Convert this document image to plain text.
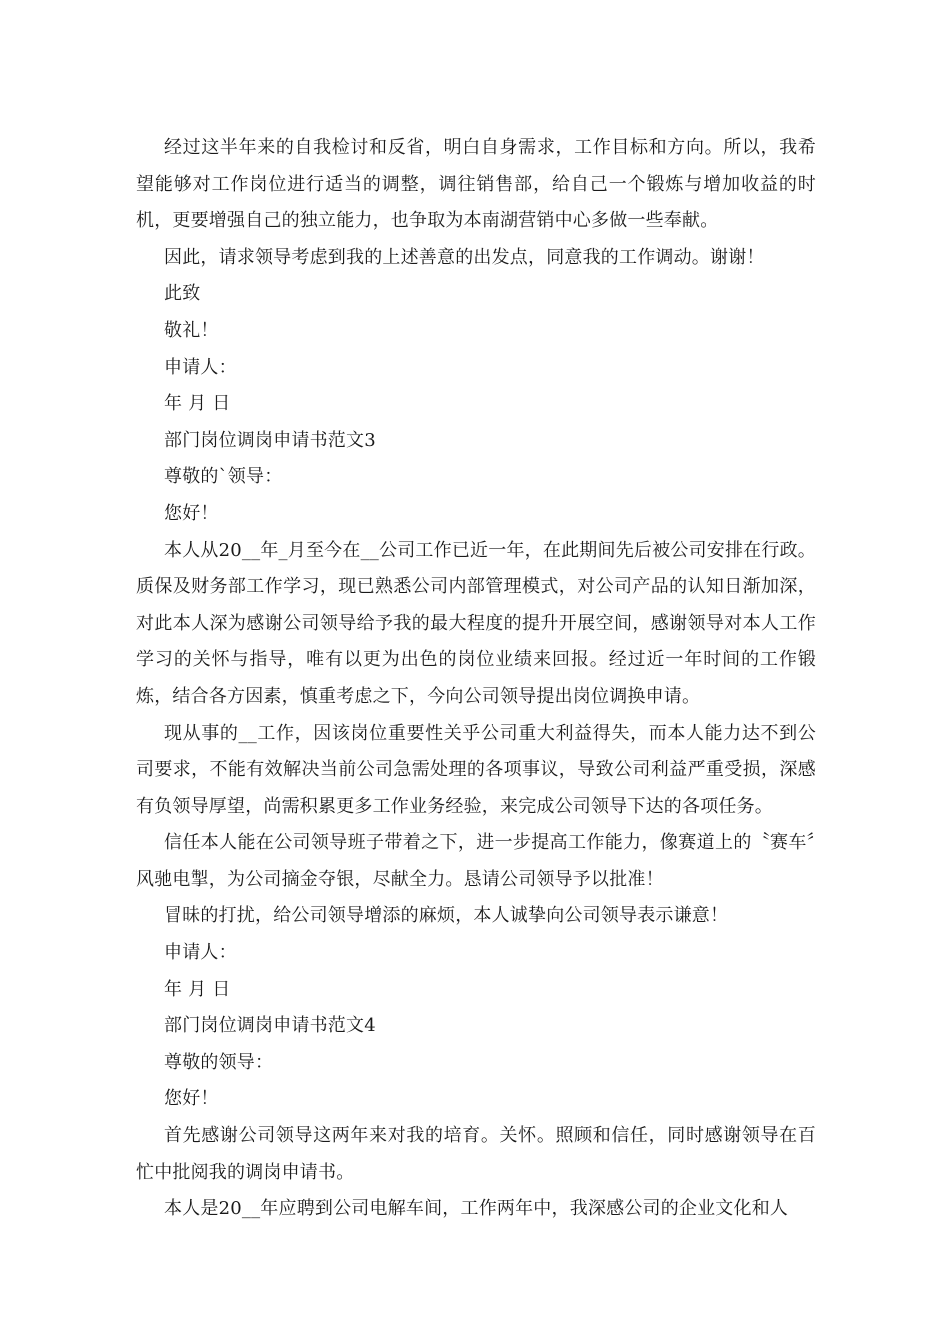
经过这半年来的自我检讨和反省，明白自身需求，工作目标和方向。所以，我希望能够对工作岗位进行适当的调整，调往销售部，给自己一个锻炼与增加收益的时机，更要增强自己的独立能力，也争取为本南湖营销中心多做一些奉献。

因此，请求领导考虑到我的上述善意的出发点，同意我的工作调动。谢谢！

此致

敬礼！

申请人：

年 月 日

部门岗位调岗申请书范文3

尊敬的`领导：

您好！

本人从20__年_月至今在__公司工作已近一年，在此期间先后被公司安排在行政。质保及财务部工作学习，现已熟悉公司内部管理模式，对公司产品的认知日渐加深，对此本人深为感谢公司领导给予我的最大程度的提升开展空间，感谢领导对本人工作学习的关怀与指导，唯有以更为出色的岗位业绩来回报。经过近一年时间的工作锻炼，结合各方因素，慎重考虑之下，今向公司领导提出岗位调换申请。

现从事的__工作，因该岗位重要性关乎公司重大利益得失，而本人能力达不到公司要求，不能有效解决当前公司急需处理的各项事议，导致公司利益严重受损，深感有负领导厚望，尚需积累更多工作业务经验，来完成公司领导下达的各项任务。

信任本人能在公司领导班子带着之下，进一步提高工作能力，像赛道上的〝赛车〞风驰电掣，为公司摘金夺银，尽献全力。恳请公司领导予以批准！

冒昧的打扰，给公司领导增添的麻烦，本人诚挚向公司领导表示谦意！

申请人：

年 月 日

部门岗位调岗申请书范文4

尊敬的领导：

您好！

首先感谢公司领导这两年来对我的培育。关怀。照顾和信任，同时感谢领导在百忙中批阅我的调岗申请书。

本人是20__年应聘到公司电解车间，工作两年中，我深感公司的企业文化和人
